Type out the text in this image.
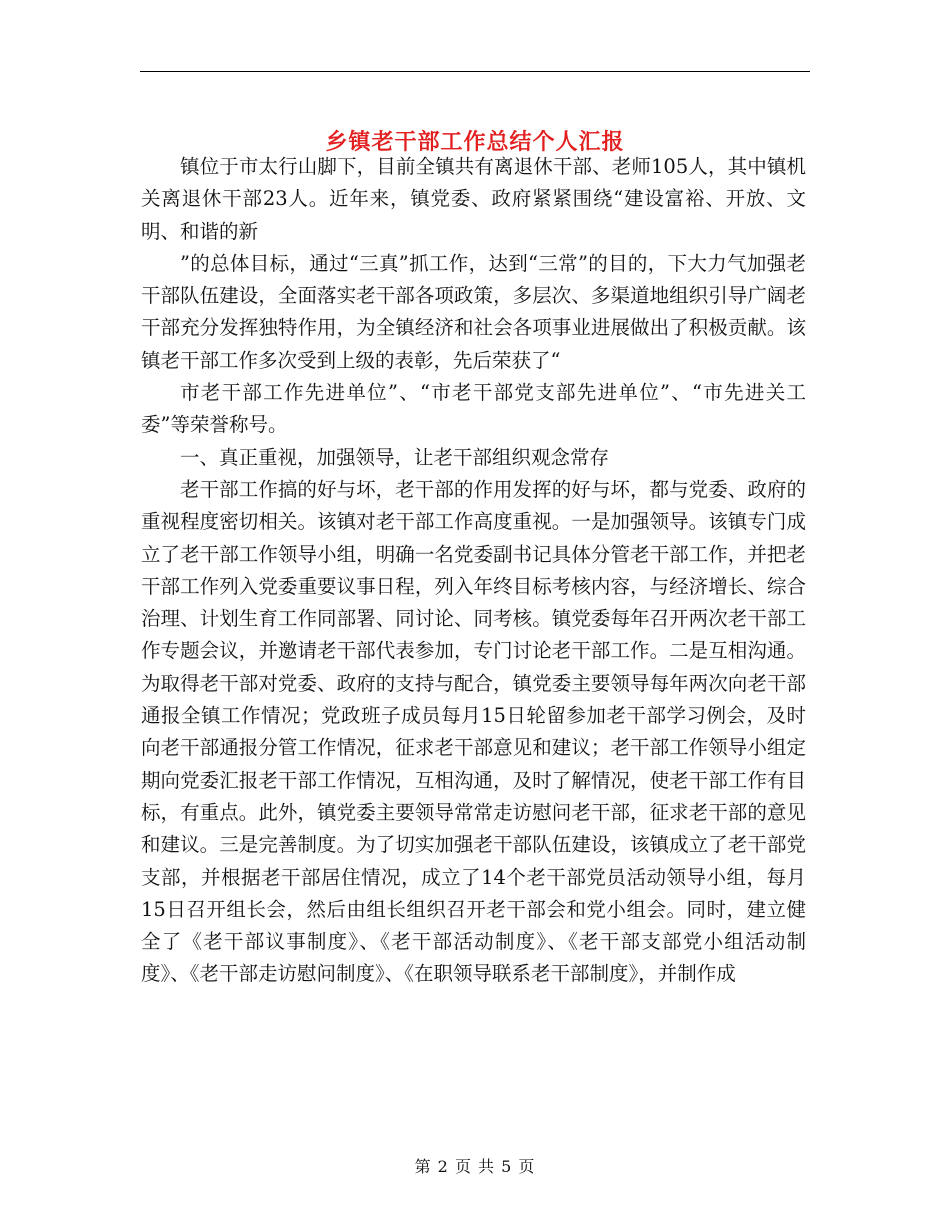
乡镇老干部工作总结个人汇报

镇位于市太行山脚下，目前全镇共有离退休干部、老师105人，其中镇机关离退休干部23人。近年来，镇党委、政府紧紧围绕“建设富裕、开放、文明、和谐的新

”的总体目标，通过“三真”抓工作，达到“三常”的目的，下大力气加强老干部队伍建设，全面落实老干部各项政策，多层次、多渠道地组织引导广阔老干部充分发挥独特作用，为全镇经济和社会各项事业进展做出了积极贡献。该镇老干部工作多次受到上级的表彰，先后荣获了“

市老干部工作先进单位”、“市老干部党支部先进单位”、“市先进关工委”等荣誉称号。

一、真正重视，加强领导，让老干部组织观念常存

老干部工作搞的好与坏，老干部的作用发挥的好与坏，都与党委、政府的重视程度密切相关。该镇对老干部工作高度重视。一是加强领导。该镇专门成立了老干部工作领导小组，明确一名党委副书记具体分管老干部工作，并把老干部工作列入党委重要议事日程，列入年终目标考核内容，与经济增长、综合治理、计划生育工作同部署、同讨论、同考核。镇党委每年召开两次老干部工作专题会议，并邀请老干部代表参加，专门讨论老干部工作。二是互相沟通。为取得老干部对党委、政府的支持与配合，镇党委主要领导每年两次向老干部通报全镇工作情况；党政班子成员每月15日轮留参加老干部学习例会，及时向老干部通报分管工作情况，征求老干部意见和建议；老干部工作领导小组定期向党委汇报老干部工作情况，互相沟通，及时了解情况，使老干部工作有目标，有重点。此外，镇党委主要领导常常走访慰问老干部，征求老干部的意见和建议。三是完善制度。为了切实加强老干部队伍建设，该镇成立了老干部党支部，并根据老干部居住情况，成立了14个老干部党员活动领导小组，每月15日召开组长会，然后由组长组织召开老干部会和党小组会。同时，建立健全了《老干部议事制度》、《老干部活动制度》、《老干部支部党小组活动制度》、《老干部走访慰问制度》、《在职领导联系老干部制度》，并制作成

第 2 页 共 5 页
